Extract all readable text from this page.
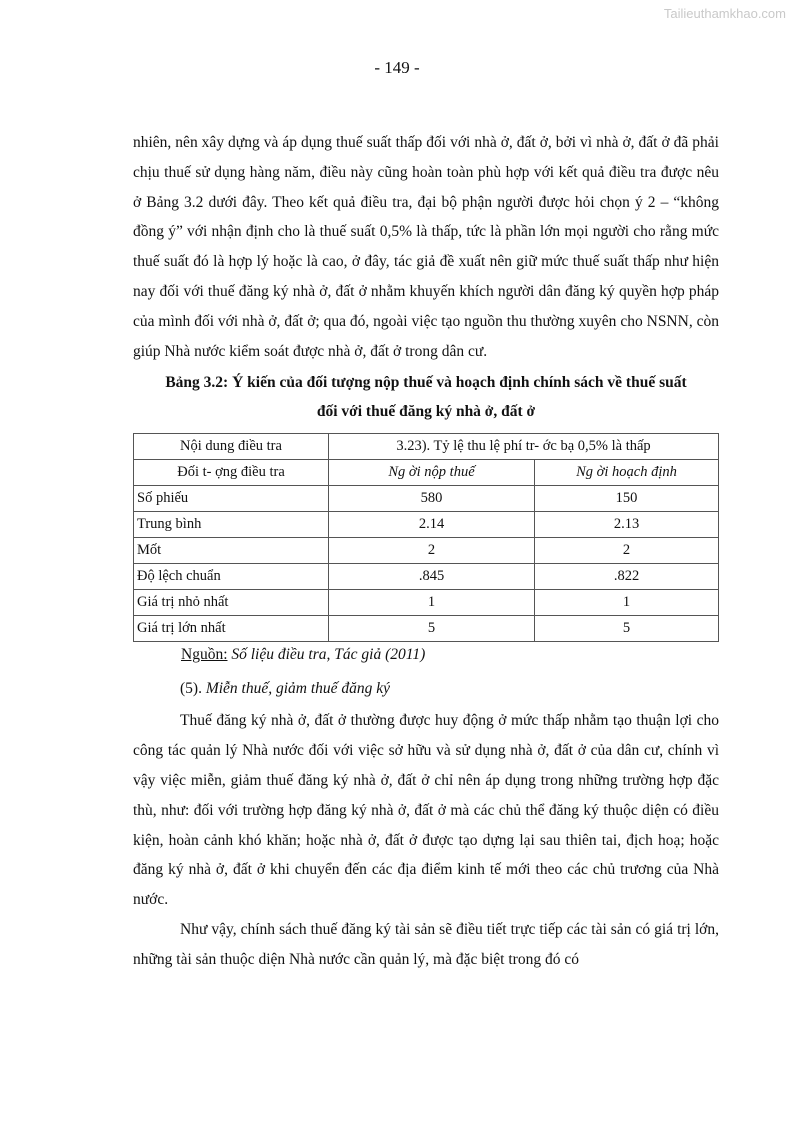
Tailieuthamkhao.com
- 149 -

nhiên, nên xây dựng và áp dụng thuế suất thấp đối với nhà ở, đất ở, bởi vì nhà ở, đất ở đã phải chịu thuế sử dụng hàng năm, điều này cũng hoàn toàn phù hợp với kết quả điều tra được nêu ở Bảng 3.2 dưới đây. Theo kết quả điều tra, đại bộ phận người được hỏi chọn ý 2 – “không đồng ý” với nhận định cho là thuế suất 0,5% là thấp, tức là phần lớn mọi người cho rằng mức thuế suất đó là hợp lý hoặc là cao, ở đây, tác giả đề xuất nên giữ mức thuế suất thấp như hiện nay đối với thuế đăng ký nhà ở, đất ở nhằm khuyến khích người dân đăng ký quyền hợp pháp của mình đối với nhà ở, đất ở; qua đó, ngoài việc tạo nguồn thu thường xuyên cho NSNN, còn giúp Nhà nước kiểm soát được nhà ở, đất ở trong dân cư.

Bảng 3.2: Ý kiến của đối tượng nộp thuế và hoạch định chính sách về thuế suất

đối với thuế đăng ký nhà ở, đất ở

Nội dung điều tra	3.23). Tỷ lệ thu lệ phí tr- ớc bạ 0,5% là thấp	
Đối t- ợng điều tra	Ng ời nộp thuế	Ng ời hoạch định
Số phiếu	580	150
Trung bình	2.14	2.13
Mốt	2	2
Độ lệch chuẩn	.845	.822
Giá trị nhỏ nhất	1	1
Giá trị lớn nhất	5	5

Nguồn: Số liệu điều tra, Tác giả (2011)

(5). Miễn thuế, giảm thuế đăng ký

Thuế đăng ký nhà ở, đất ở thường được huy động ở mức thấp nhằm tạo thuận lợi cho công tác quản lý Nhà nước đối với việc sở hữu và sử dụng nhà ở, đất ở của dân cư, chính vì vậy việc miễn, giảm thuế đăng ký nhà ở, đất ở chỉ nên áp dụng trong những trường hợp đặc thù, như: đối với trường hợp đăng ký nhà ở, đất ở mà các chủ thể đăng ký thuộc diện có điều kiện, hoàn cảnh khó khăn; hoặc nhà ở, đất ở được tạo dựng lại sau thiên tai, địch hoạ; hoặc đăng ký nhà ở, đất ở khi chuyển đến các địa điểm kinh tế mới theo các chủ trương của Nhà nước.

Như vậy, chính sách thuế đăng ký tài sản sẽ điều tiết trực tiếp các tài sản có giá trị lớn, những tài sản thuộc diện Nhà nước cần quản lý, mà đặc biệt trong đó có
